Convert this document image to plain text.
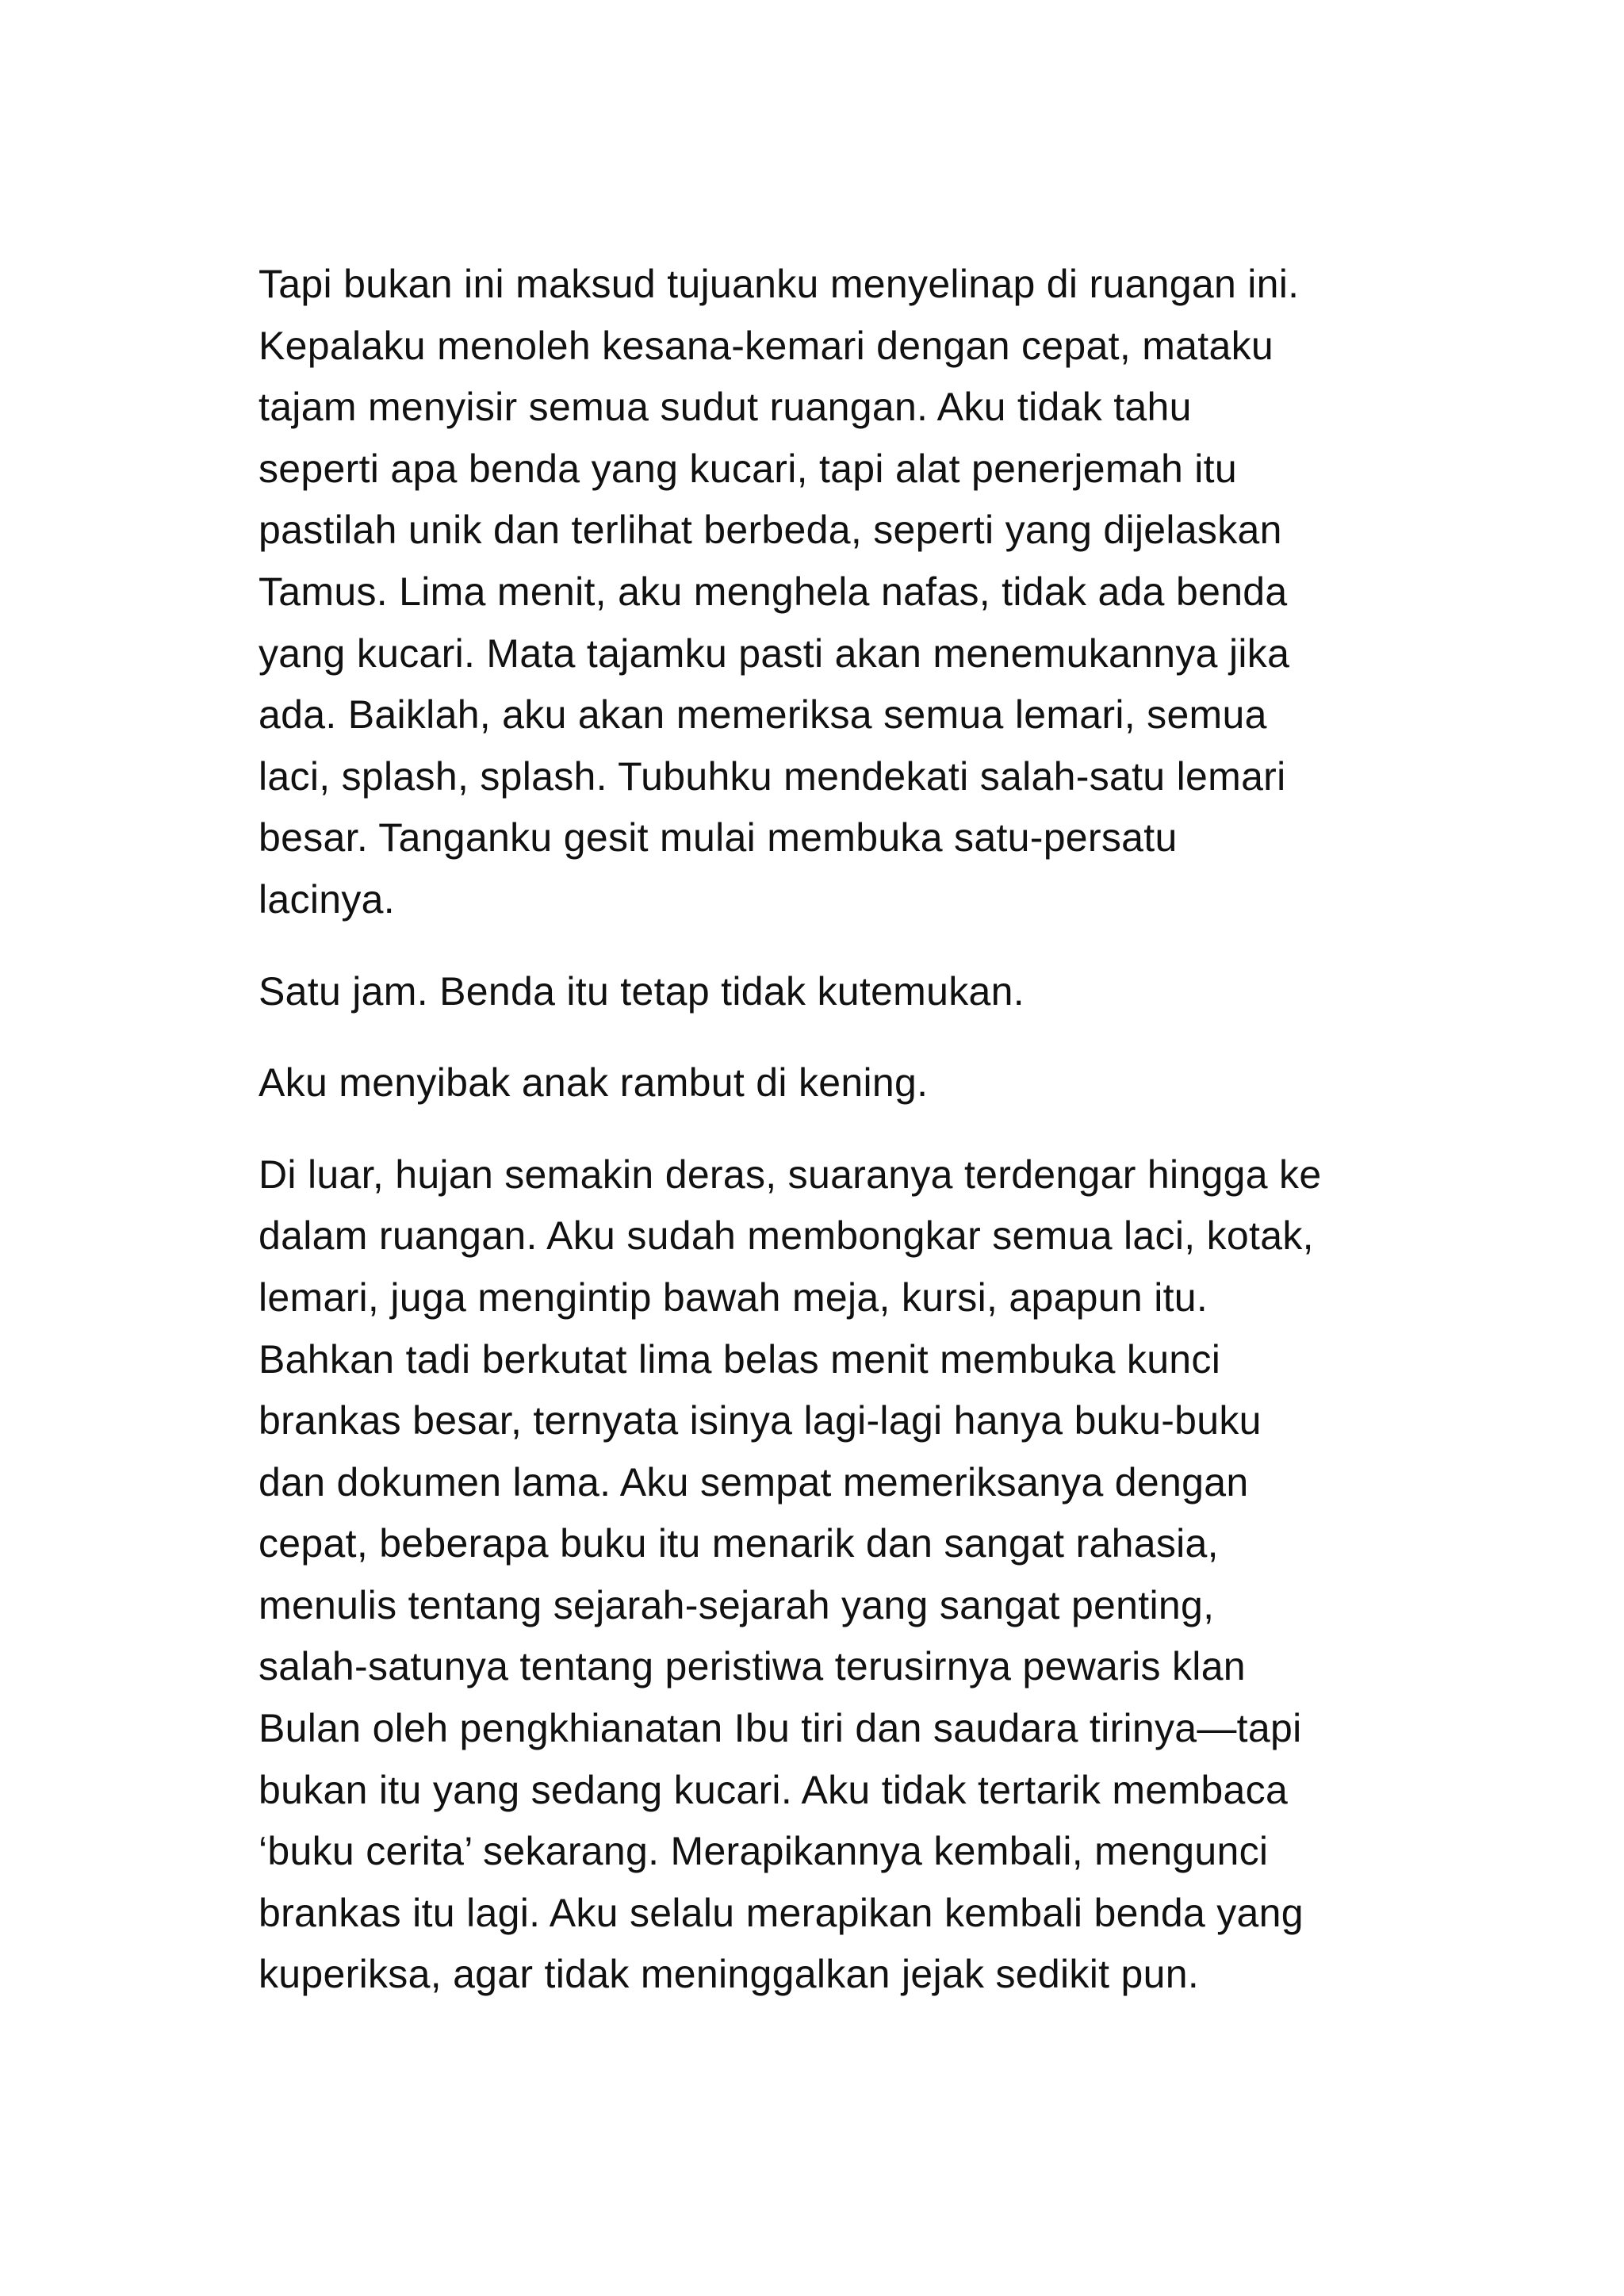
Tapi bukan ini maksud tujuanku menyelinap di ruangan ini.
Kepalaku menoleh kesana-kemari dengan cepat, mataku
tajam menyisir semua sudut ruangan. Aku tidak tahu
seperti apa benda yang kucari, tapi alat penerjemah itu
pastilah unik dan terlihat berbeda, seperti yang dijelaskan
Tamus. Lima menit, aku menghela nafas, tidak ada benda
yang kucari. Mata tajamku pasti akan menemukannya jika
ada. Baiklah, aku akan memeriksa semua lemari, semua
laci, splash, splash. Tubuhku mendekati salah-satu lemari
besar. Tanganku gesit mulai membuka satu-persatu
lacinya.

Satu jam. Benda itu tetap tidak kutemukan.

Aku menyibak anak rambut di kening.

Di luar, hujan semakin deras, suaranya terdengar hingga ke
dalam ruangan. Aku sudah membongkar semua laci, kotak,
lemari, juga mengintip bawah meja, kursi, apapun itu.
Bahkan tadi berkutat lima belas menit membuka kunci
brankas besar, ternyata isinya lagi-lagi hanya buku-buku
dan dokumen lama. Aku sempat memeriksanya dengan
cepat, beberapa buku itu menarik dan sangat rahasia,
menulis tentang sejarah-sejarah yang sangat penting,
salah-satunya tentang peristiwa terusirnya pewaris klan
Bulan oleh pengkhianatan Ibu tiri dan saudara tirinya—tapi
bukan itu yang sedang kucari. Aku tidak tertarik membaca
‘buku cerita’ sekarang. Merapikannya kembali, mengunci
brankas itu lagi. Aku selalu merapikan kembali benda yang
kuperiksa, agar tidak meninggalkan jejak sedikit pun.
